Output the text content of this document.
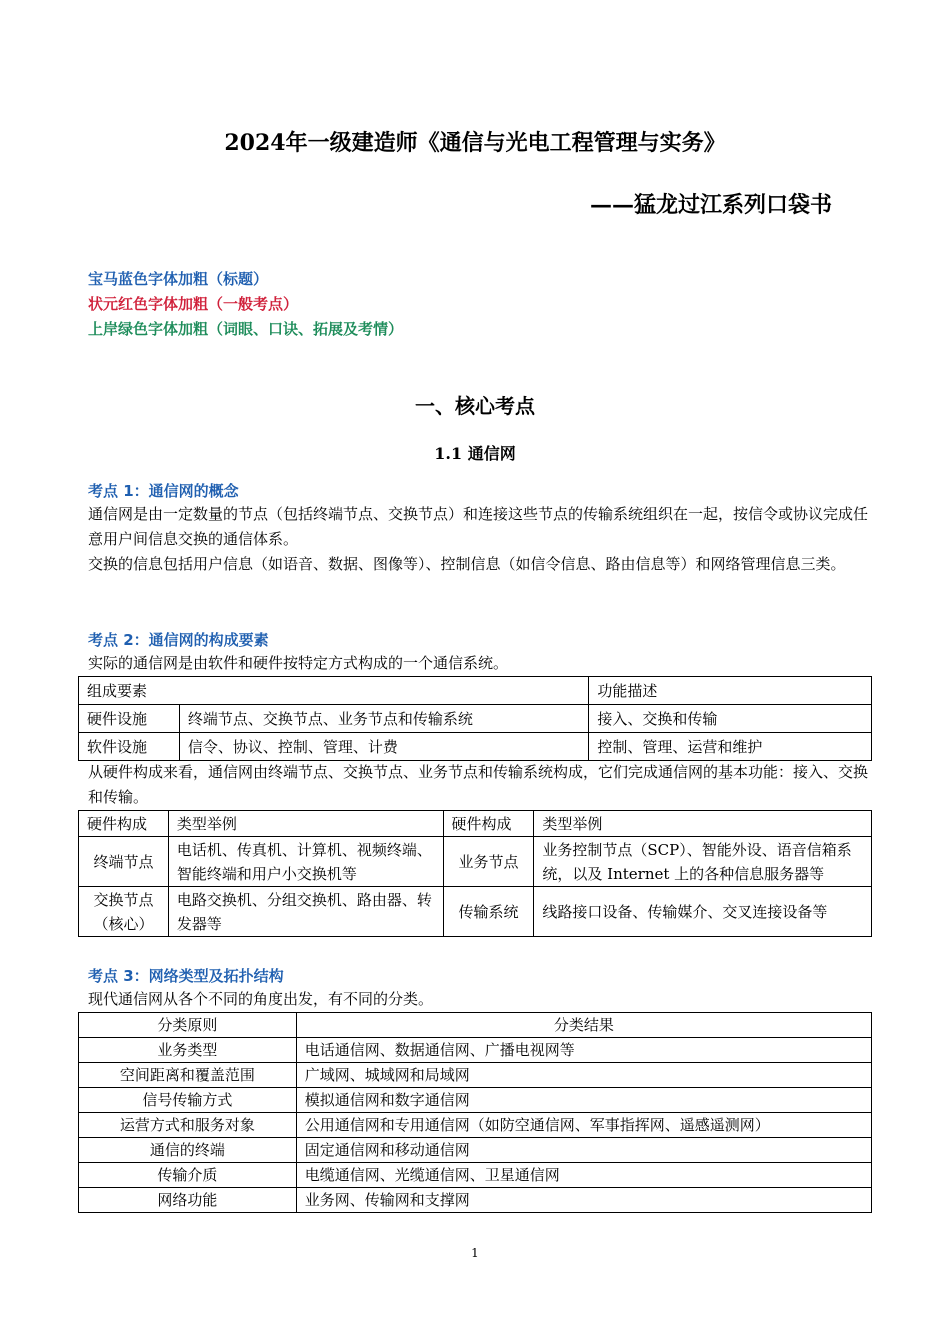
2024年一级建造师《通信与光电工程管理与实务》
——猛龙过江系列口袋书
宝马蓝色字体加粗（标题）
状元红色字体加粗（一般考点）
上岸绿色字体加粗（词眼、口诀、拓展及考情）
一、核心考点
1.1 通信网
考点 1：通信网的概念
通信网是由一定数量的节点（包括终端节点、交换节点）和连接这些节点的传输系统组织在一起，按信令或协议完成任意用户间信息交换的通信体系。
交换的信息包括用户信息（如语音、数据、图像等）、控制信息（如信令信息、路由信息等）和网络管理信息三类。
考点 2：通信网的构成要素
实际的通信网是由软件和硬件按特定方式构成的一个通信系统。
组成要素		功能描述
硬件设施	终端节点、交换节点、业务节点和传输系统	接入、交换和传输
软件设施	信令、协议、控制、管理、计费	控制、管理、运营和维护
从硬件构成来看，通信网由终端节点、交换节点、业务节点和传输系统构成，它们完成通信网的基本功能：接入、交换和传输。
硬件构成	类型举例	硬件构成	类型举例
终端节点	电话机、传真机、计算机、视频终端、智能终端和用户小交换机等	业务节点	业务控制节点（SCP）、智能外设、语音信箱系统，以及 Internet 上的各种信息服务器等
交换节点（核心）	电路交换机、分组交换机、路由器、转发器等	传输系统	线路接口设备、传输媒介、交叉连接设备等
考点 3：网络类型及拓扑结构
现代通信网从各个不同的角度出发，有不同的分类。
分类原则	分类结果
业务类型	电话通信网、数据通信网、广播电视网等
空间距离和覆盖范围	广域网、城域网和局域网
信号传输方式	模拟通信网和数字通信网
运营方式和服务对象	公用通信网和专用通信网（如防空通信网、军事指挥网、遥感遥测网）
通信的终端	固定通信网和移动通信网
传输介质	电缆通信网、光缆通信网、卫星通信网
网络功能	业务网、传输网和支撑网
1
